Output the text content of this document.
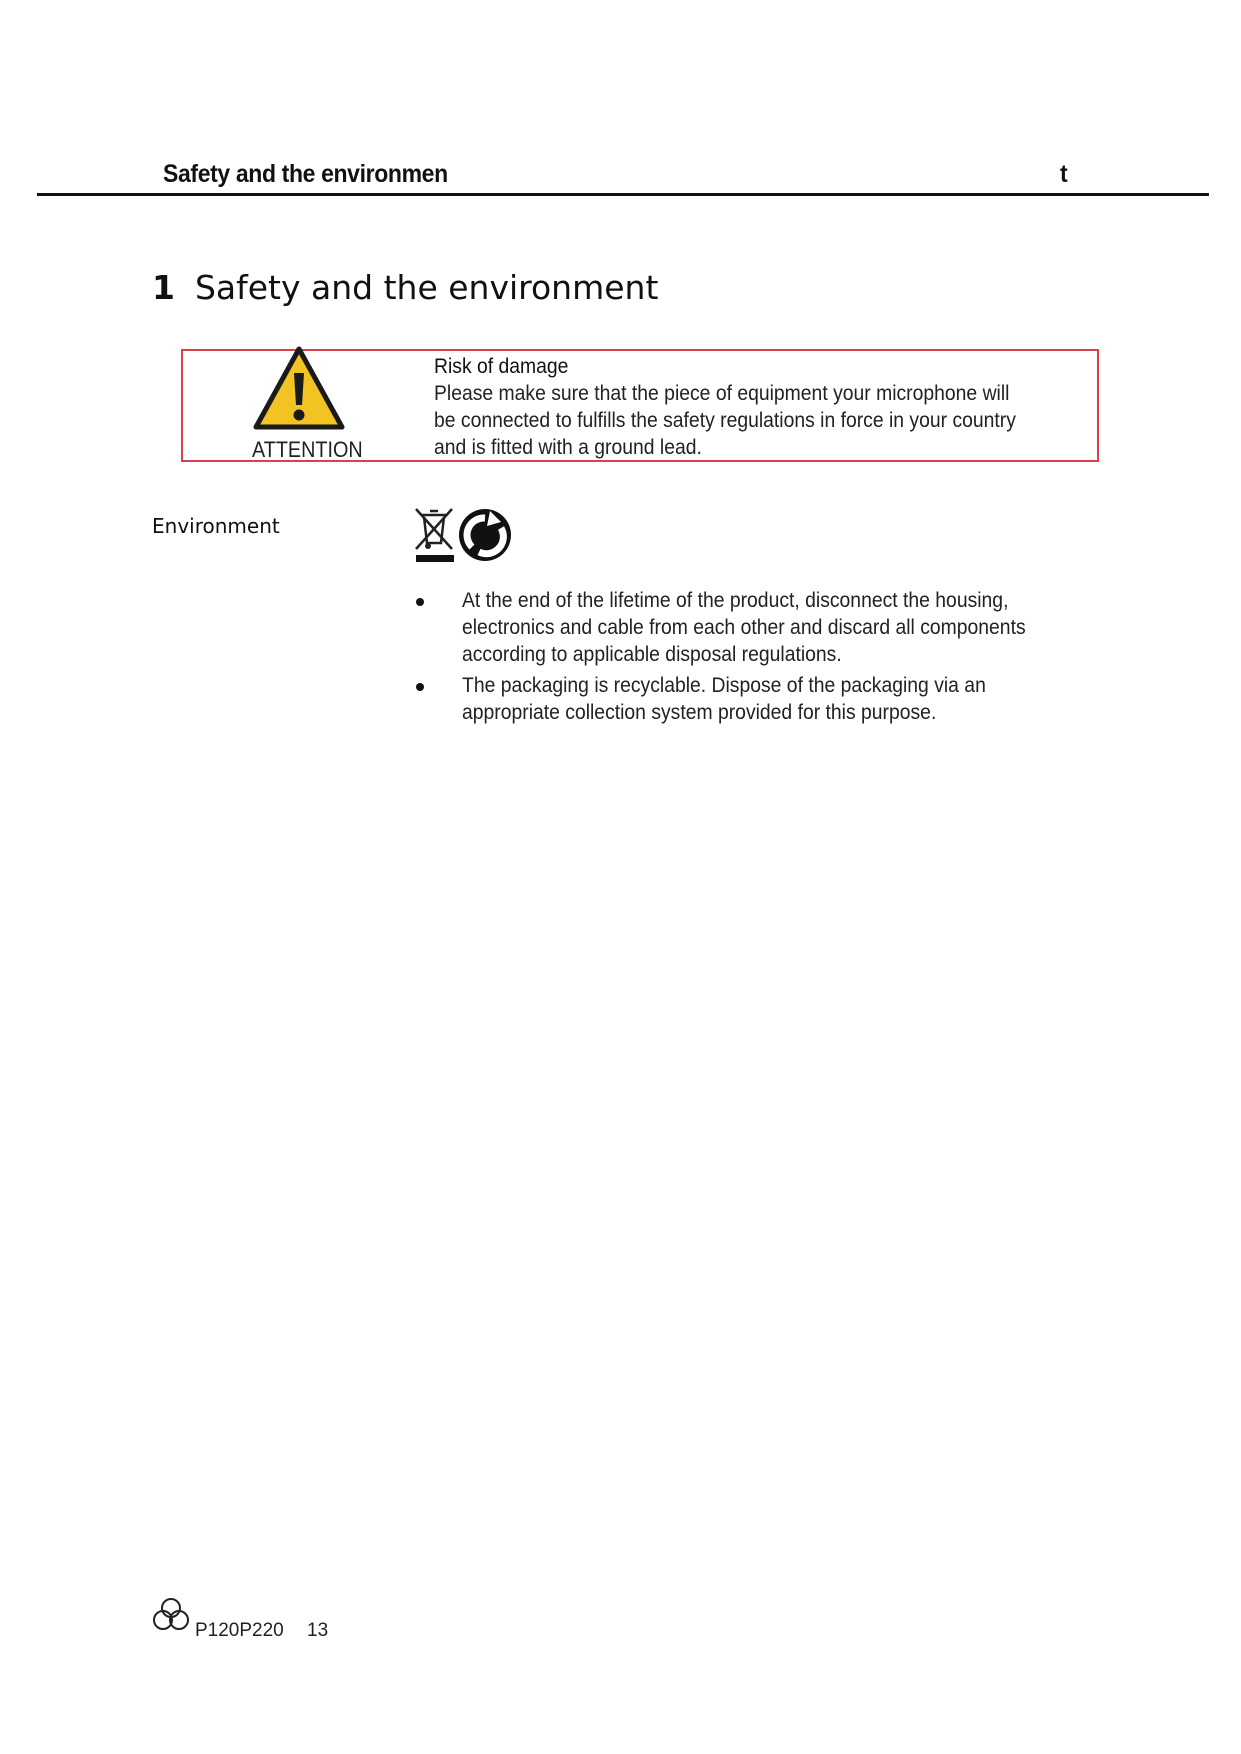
Safety and the environmen	t
1 Safety and the environment
ATTENTION
Risk of damage
Please make sure that the piece of equipment your microphone will be connected to fulfills the safety regulations in force in your country and is fitted with a ground lead.
Environment
At the end of the lifetime of the product, disconnect the housing, electronics and cable from each other and discard all components according to applicable disposal regulations.
The packaging is recyclable. Dispose of the packaging via an appropriate collection system provided for this purpose.
P120P220 13
